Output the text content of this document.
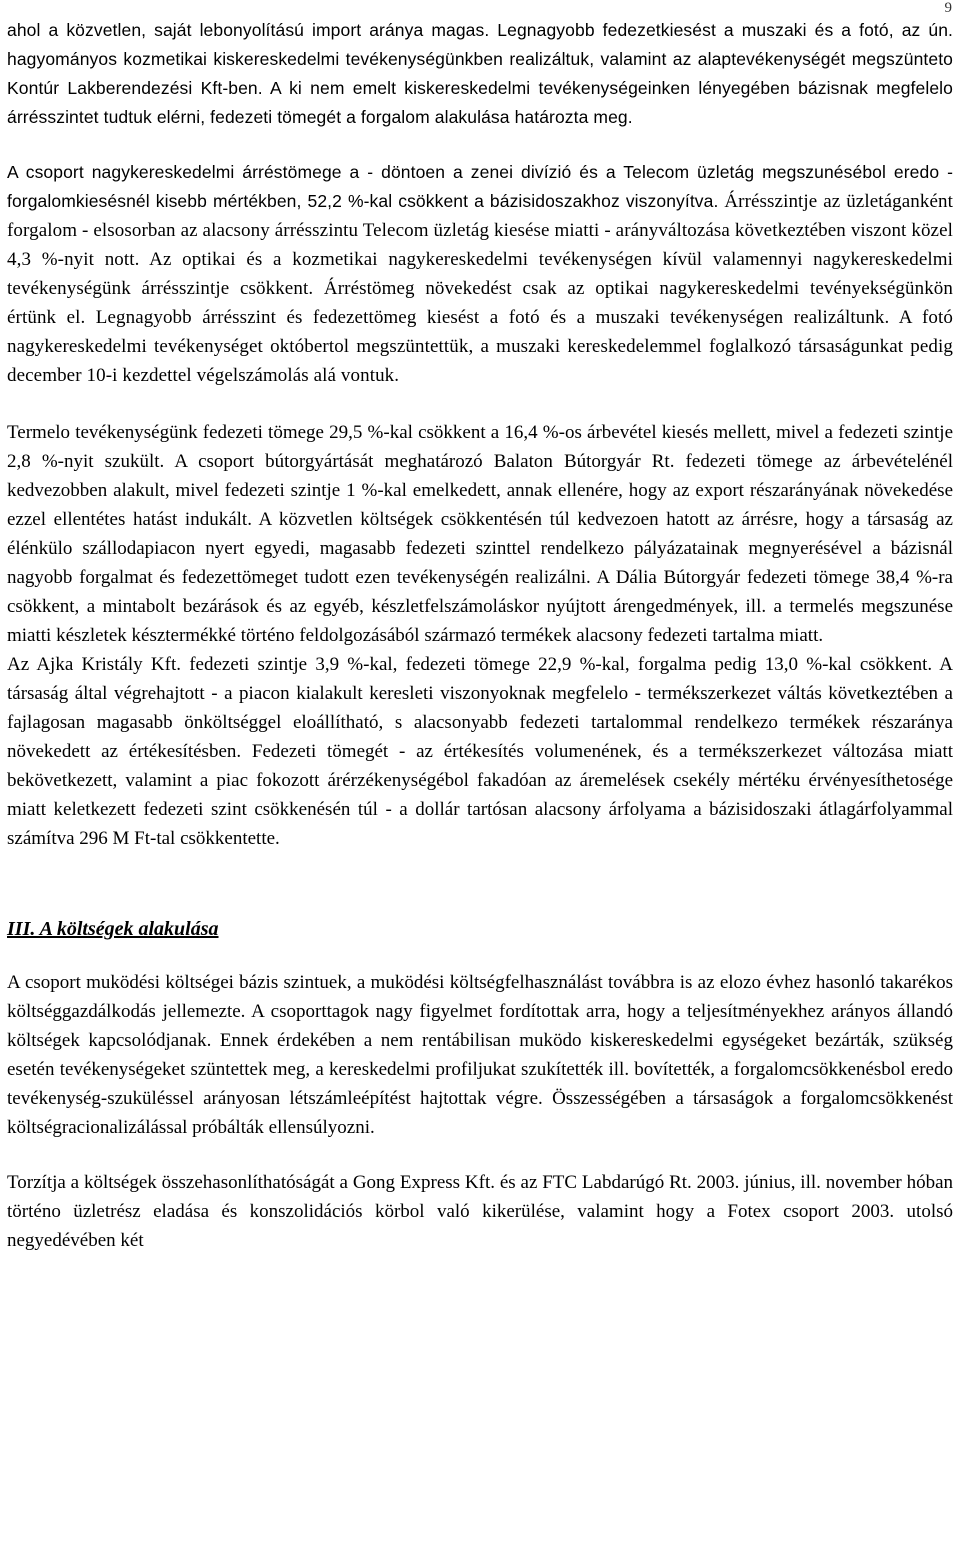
9

ahol a közvetlen, saját lebonyolítású import aránya magas. Legnagyobb fedezetkiesést a muszaki és a fotó, az ún. hagyományos kozmetikai kiskereskedelmi tevékenységünkben realizáltuk, valamint az alaptevékenységét megszünteto Kontúr Lakberendezési Kft-ben. A ki nem emelt kiskereskedelmi tevékenységeinken lényegében bázisnak megfelelo árrésszintet tudtuk elérni, fedezeti tömegét a forgalom alakulása határozta meg.

A csoport nagykereskedelmi árréstömege a - döntoen a zenei divízió és a Telecom üzletág megszunésébol eredo - forgalomkiesésnél kisebb mértékben, 52,2 %-kal csökkent a bázisidoszakhoz viszonyítva. Árrésszintje az üzletáganként forgalom - elsosorban az alacsony árrésszintu Telecom üzletág kiesése miatti - arányváltozása következtében viszont közel 4,3 %-nyit nott. Az optikai és a kozmetikai nagykereskedelmi tevékenységen kívül valamennyi nagykereskedelmi tevékenységünk árrésszintje csökkent. Árréstömeg növekedést csak az optikai nagykereskedelmi tevényekségünkön értünk el. Legnagyobb árrésszint és fedezettömeg kiesést a fotó és a muszaki tevékenységen realizáltunk. A fotó nagykereskedelmi tevékenységet októbertol megszüntettük, a muszaki kereskedelemmel foglalkozó társaságunkat pedig december 10-i kezdettel végelszámolás alá vontuk.

Termelo tevékenységünk fedezeti tömege 29,5 %-kal csökkent a 16,4 %-os árbevétel kiesés mellett, mivel a fedezeti szintje 2,8 %-nyit szukült. A csoport bútorgyártását meghatározó Balaton Bútorgyár Rt. fedezeti tömege az árbevételénél kedvezobben alakult, mivel fedezeti szintje 1 %-kal emelkedett, annak ellenére, hogy az export részarányának növekedése ezzel ellentétes hatást indukált. A közvetlen költségek csökkentésén túl kedvezoen hatott az árrésre, hogy a társaság az élénkülo szállodapiacon nyert egyedi, magasabb fedezeti szinttel rendelkezo pályázatainak megnyerésével a bázisnál nagyobb forgalmat és fedezettömeget tudott ezen tevékenységén realizálni. A Dália Bútorgyár fedezeti tömege 38,4 %-ra csökkent, a mintabolt bezárások és az egyéb, készletfelszámoláskor nyújtott árengedmények, ill. a termelés megszunése miatti készletek késztermékké történo feldolgozásából származó termékek alacsony fedezeti tartalma miatt.

Az Ajka Kristály Kft. fedezeti szintje 3,9 %-kal, fedezeti tömege 22,9 %-kal, forgalma pedig 13,0 %-kal csökkent. A társaság által végrehajtott - a piacon kialakult keresleti viszonyoknak megfelelo - termékszerkezet váltás következtében a fajlagosan magasabb önköltséggel eloállítható, s alacsonyabb fedezeti tartalommal rendelkezo termékek részaránya növekedett az értékesítésben. Fedezeti tömegét - az értékesítés volumenének, és a termékszerkezet változása miatt bekövetkezett, valamint a piac fokozott árérzékenységébol fakadóan az áremelések csekély mértéku érvényesíthetosége miatt keletkezett fedezeti szint csökkenésén túl - a dollár tartósan alacsony árfolyama a bázisidoszaki átlagárfolyammal számítva 296 M Ft-tal csökkentette.

III. A költségek alakulása

A csoport muködési költségei bázis szintuek, a muködési költségfelhasználást továbbra is az elozo évhez hasonló takarékos költséggazdálkodás jellemezte. A csoporttagok nagy figyelmet fordítottak arra, hogy a teljesítményekhez arányos állandó költségek kapcsolódjanak. Ennek érdekében a nem rentábilisan muködo kiskereskedelmi egységeket bezárták, szükség esetén tevékenységeket szüntettek meg, a kereskedelmi profiljukat szukítették ill. bovítették, a forgalomcsökkenésbol eredo tevékenység-szuküléssel arányosan létszámleépítést hajtottak végre. Összességében a társaságok a forgalomcsökkenést költségracionalizálással próbálták ellensúlyozni.

Torzítja a költségek összehasonlíthatóságát a Gong Express Kft. és az FTC Labdarúgó Rt. 2003. június, ill. november hóban történo üzletrész eladása és konszolidációs körbol való kikerülése, valamint hogy a Fotex csoport 2003. utolsó negyedévében két
